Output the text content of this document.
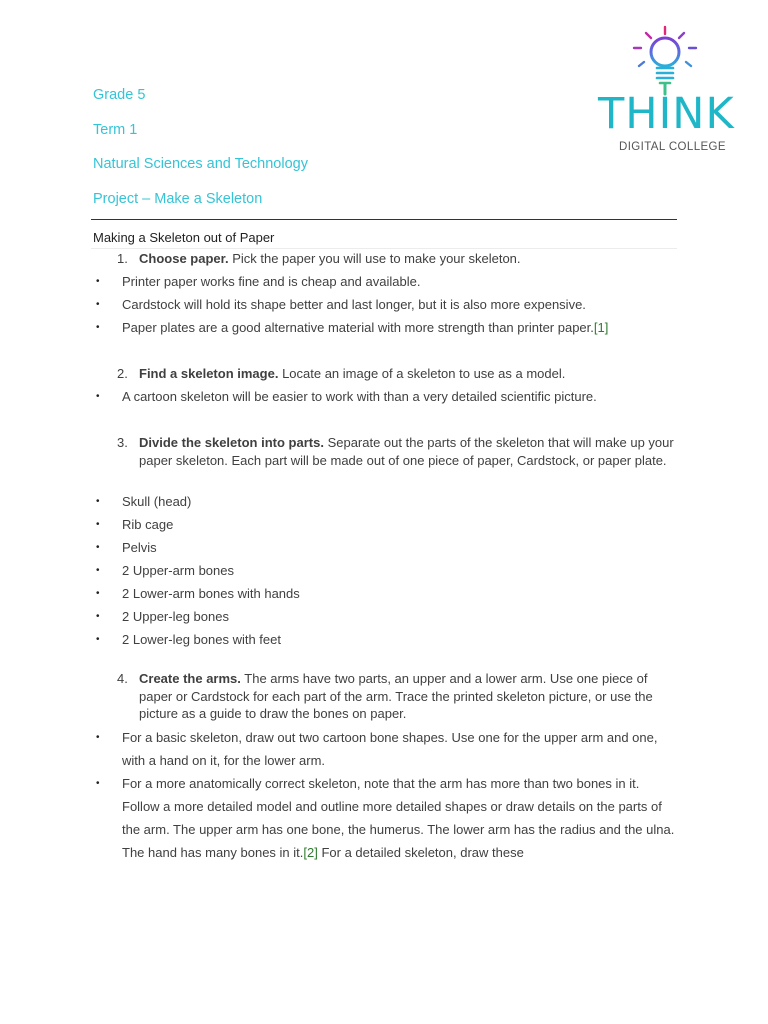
Grade 5
Term 1
Natural Sciences and Technology
Project – Make a Skeleton
THINK
DIGITAL COLLEGE
Making a Skeleton out of Paper
1. Choose paper. Pick the paper you will use to make your skeleton.
• Printer paper works fine and is cheap and available.
• Cardstock will hold its shape better and last longer, but it is also more expensive.
• Paper plates are a good alternative material with more strength than printer paper.[1]
2. Find a skeleton image. Locate an image of a skeleton to use as a model.
• A cartoon skeleton will be easier to work with than a very detailed scientific picture.
3. Divide the skeleton into parts. Separate out the parts of the skeleton that will make up your paper skeleton. Each part will be made out of one piece of paper, Cardstock, or paper plate.
• Skull (head)
• Rib cage
• Pelvis
• 2 Upper-arm bones
• 2 Lower-arm bones with hands
• 2 Upper-leg bones
• 2 Lower-leg bones with feet
4. Create the arms. The arms have two parts, an upper and a lower arm. Use one piece of paper or Cardstock for each part of the arm. Trace the printed skeleton picture, or use the picture as a guide to draw the bones on paper.
• For a basic skeleton, draw out two cartoon bone shapes. Use one for the upper arm and one, with a hand on it, for the lower arm.
• For a more anatomically correct skeleton, note that the arm has more than two bones in it. Follow a more detailed model and outline more detailed shapes or draw details on the parts of the arm. The upper arm has one bone, the humerus. The lower arm has the radius and the ulna. The hand has many bones in it.[2] For a detailed skeleton, draw these
